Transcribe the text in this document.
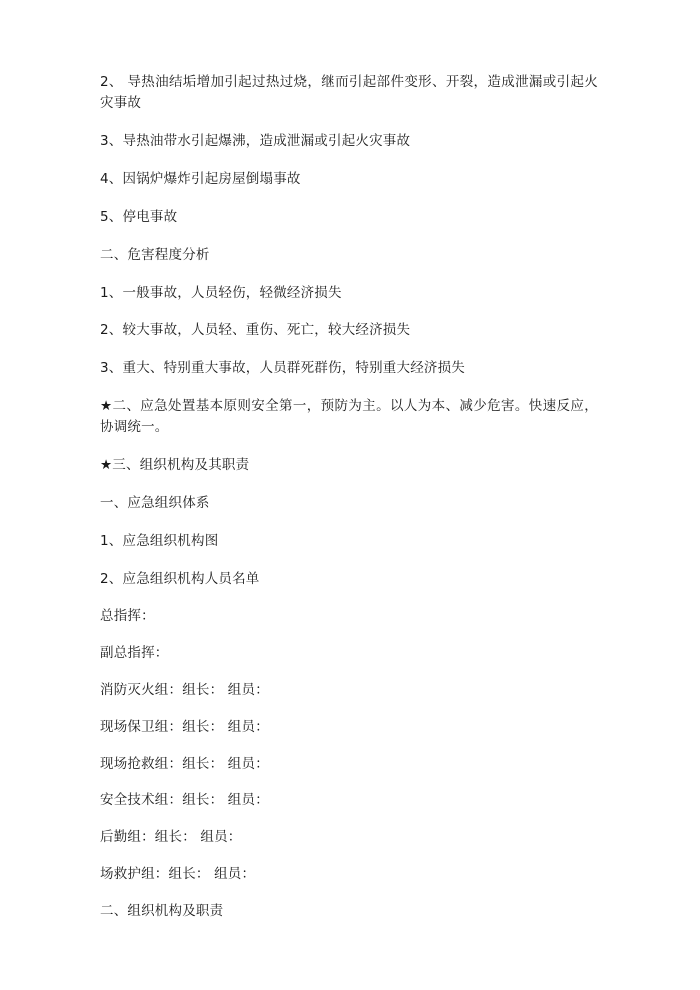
2、 导热油结垢增加引起过热过烧，继而引起部件变形、开裂，造成泄漏或引起火灾事故

3、导热油带水引起爆沸，造成泄漏或引起火灾事故

4、因锅炉爆炸引起房屋倒塌事故

5、停电事故

二、危害程度分析

1、一般事故，人员轻伤，轻微经济损失

2、较大事故，人员轻、重伤、死亡，较大经济损失

3、重大、特别重大事故，人员群死群伤，特别重大经济损失

★二、应急处置基本原则安全第一，预防为主。以人为本、减少危害。快速反应，协调统一。

★三、组织机构及其职责

一、应急组织体系

1、应急组织机构图

2、应急组织机构人员名单

总指挥：

副总指挥：

消防灭火组：组长： 组员：

现场保卫组：组长： 组员：

现场抢救组：组长： 组员：

安全技术组：组长： 组员：

后勤组：组长： 组员：

场救护组：组长： 组员：

二、组织机构及职责
